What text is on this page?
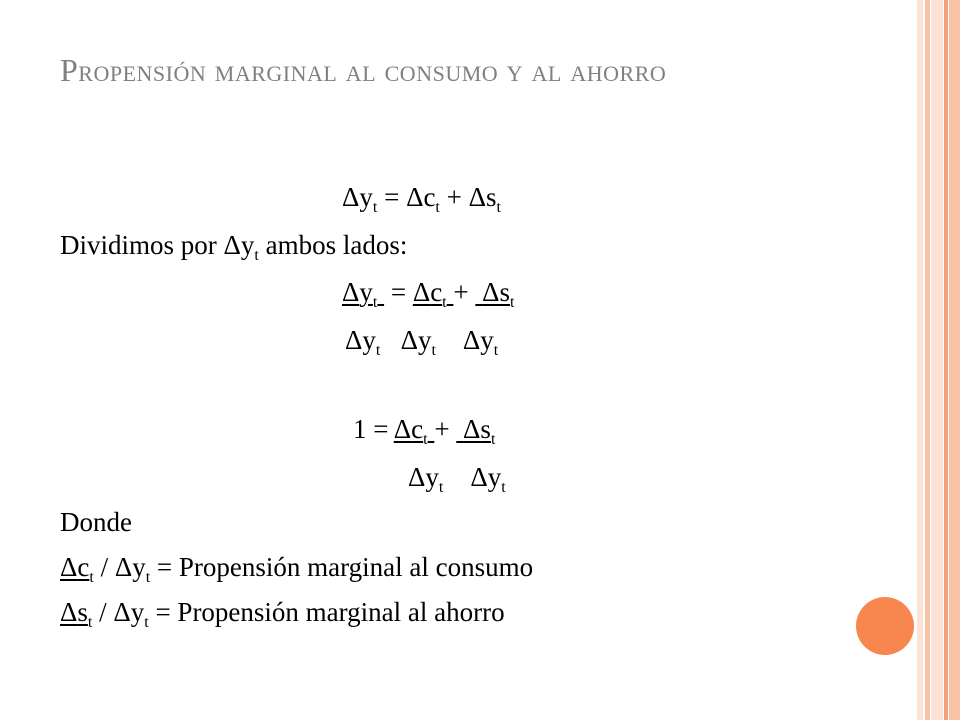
Propensión marginal al consumo y al ahorro
$\Delta y_t = \Delta c_t + \Delta s_t$
Dividimos por $\Delta y_t$ ambos lados:
$\Delta y_t = \Delta c_t + \Delta s_t$
$\Delta y_t$ $\Delta y_t$ $\Delta y_t$
$1 = \Delta c_t + \Delta s_t$
$\Delta y_t$ $\Delta y_t$
Donde
$\Delta c_t / \Delta y_t$ = Propensión marginal al consumo
$\Delta s_t / \Delta y_t$ = Propensión marginal al ahorro
